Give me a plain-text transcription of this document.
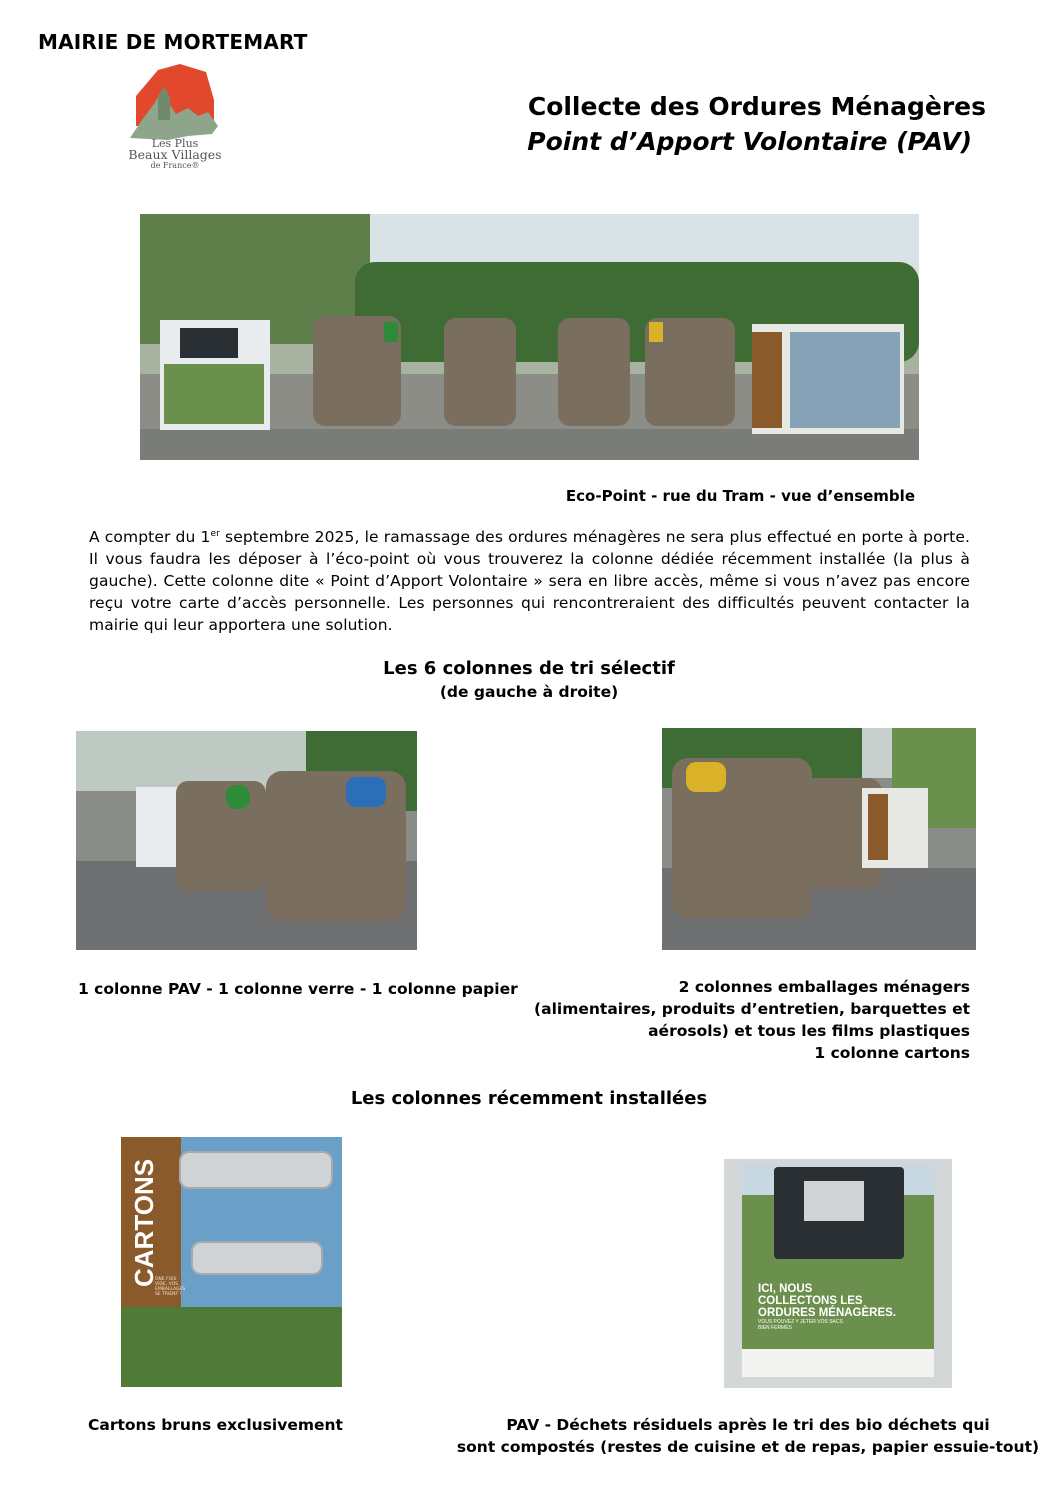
MAIRIE DE MORTEMART
Les Plus
Beaux Villages
de France®
Collecte des Ordures Ménagères
Point d’Apport Volontaire (PAV)
Eco-Point - rue du Tram - vue d’ensemble

A compter du 1er septembre 2025, le ramassage des ordures ménagères ne sera plus effectué en porte à porte. Il vous faudra les déposer à l’éco-point où vous trouverez la colonne dédiée récemment installée (la plus à gauche). Cette colonne dite « Point d’Apport Volontaire » sera en libre accès, même si vous n’avez pas encore reçu votre carte d’accès personnelle. Les personnes qui rencontreraient des difficultés peuvent contacter la mairie qui leur apportera une solution.

Les 6 colonnes de tri sélectif
(de gauche à droite)
1 colonne PAV - 1 colonne verre - 1 colonne papier	2 colonnes emballages ménagers
(alimentaires, produits d’entretien, barquettes et
aérosols) et tous les films plastiques
1 colonne cartons
Les colonnes récemment installées
CARTONS
ONE FOIS VIDE, VOS EMBALLAGES SE TRIENT !	ICI, NOUS
COLLECTONS LES
ORDURES MÉNAGÈRES.
VOUS POUVEZ Y JETER VOS SACS BIEN FERMÉS
Cartons bruns exclusivement	PAV - Déchets résiduels après le tri des bio déchets qui
sont compostés (restes de cuisine et de repas, papier essuie-tout)
